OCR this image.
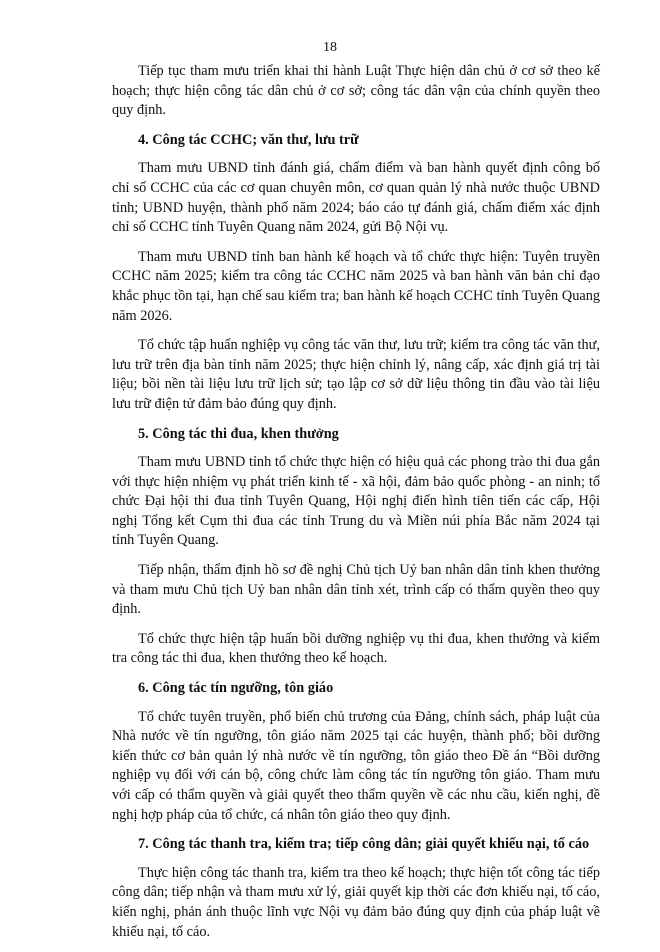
18

Tiếp tục tham mưu triển khai thi hành Luật Thực hiện dân chủ ở cơ sở theo kế hoạch; thực hiện công tác dân chủ ở cơ sở; công tác dân vận của chính quyền theo quy định.

4. Công tác CCHC; văn thư, lưu trữ

Tham mưu UBND tỉnh đánh giá, chấm điểm và ban hành quyết định công bố chỉ số CCHC của các cơ quan chuyên môn, cơ quan quản lý nhà nước thuộc UBND tỉnh; UBND huyện, thành phố năm 2024; báo cáo tự đánh giá, chấm điểm xác định chỉ số CCHC tỉnh Tuyên Quang năm 2024, gửi Bộ Nội vụ.

Tham mưu UBND tỉnh ban hành kế hoạch và tổ chức thực hiện: Tuyên truyền CCHC năm 2025; kiểm tra công tác CCHC năm 2025 và ban hành văn bản chỉ đạo khắc phục tồn tại, hạn chế sau kiểm tra; ban hành kế hoạch CCHC tỉnh Tuyên Quang năm 2026.

Tổ chức tập huấn nghiệp vụ công tác văn thư, lưu trữ; kiểm tra công tác văn thư, lưu trữ trên địa bàn tỉnh năm 2025; thực hiện chỉnh lý, nâng cấp, xác định giá trị tài liệu; bồi nền tài liệu lưu trữ lịch sử; tạo lập cơ sở dữ liệu thông tin đầu vào tài liệu lưu trữ điện tử đảm bảo đúng quy định.

5. Công tác thi đua, khen thưởng

Tham mưu UBND tỉnh tổ chức thực hiện có hiệu quả các phong trào thi đua gắn với thực hiện nhiệm vụ phát triển kinh tế - xã hội, đảm bảo quốc phòng - an ninh; tổ chức Đại hội thi đua tỉnh Tuyên Quang, Hội nghị điển hình tiên tiến các cấp, Hội nghị Tổng kết Cụm thi đua các tỉnh Trung du và Miền núi phía Bắc năm 2024 tại tỉnh Tuyên Quang.

Tiếp nhận, thẩm định hồ sơ đề nghị Chủ tịch Uỷ ban nhân dân tỉnh khen thưởng và tham mưu Chủ tịch Uỷ ban nhân dân tỉnh xét, trình cấp có thẩm quyền theo quy định.

Tổ chức thực hiện tập huấn bồi dưỡng nghiệp vụ thi đua, khen thưởng và kiểm tra công tác thi đua, khen thưởng theo kế hoạch.

6. Công tác tín ngưỡng, tôn giáo

Tổ chức tuyên truyền, phổ biến chủ trương của Đảng, chính sách, pháp luật của Nhà nước về tín ngưỡng, tôn giáo năm 2025 tại các huyện, thành phố; bồi dưỡng kiến thức cơ bản quản lý nhà nước về tín ngưỡng, tôn giáo theo Đề án “Bồi dưỡng nghiệp vụ đối với cán bộ, công chức làm công tác tín ngưỡng tôn giáo. Tham mưu với cấp có thẩm quyền và giải quyết theo thẩm quyền về các nhu cầu, kiến nghị, đề nghị hợp pháp của tổ chức, cá nhân tôn giáo theo quy định.

7. Công tác thanh tra, kiểm tra; tiếp công dân; giải quyết khiếu nại, tố cáo

Thực hiện công tác thanh tra, kiểm tra theo kế hoạch; thực hiện tốt công tác tiếp công dân; tiếp nhận và tham mưu xử lý, giải quyết kịp thời các đơn khiếu nại, tố cáo, kiến nghị, phản ánh thuộc lĩnh vực Nội vụ đảm bảo đúng quy định của pháp luật về khiếu nại, tố cáo.
